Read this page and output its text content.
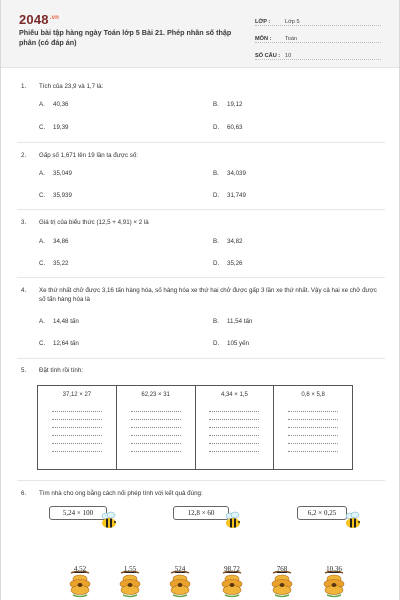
$2048^{.vn}$
Phiếu bài tập hàng ngày Toán lớp 5 Bài 21. Phép nhân số thập phân (có đáp án)
LỚP :	Lớp 5
MÔN :	Toán
SỐ CÂU : 10
1. Tích của 23,9 và 1,7 là:
A. 40,36	B. 19,12
C. 19,39	D. 60,63
2. Gấp số 1,671 lên 19 lần ta được số:
A. 35,049	B. 34,039
C. 35,939	D. 31,749
3. Giá trị của biểu thức (12,5 + 4,91) × 2 là
A. 34,86	B. 34,82
C. 35,22	D. 35,26
4. Xe thứ nhất chở được 3,16 tấn hàng hóa, số hàng hóa xe thứ hai chở được gấp 3 lần xe thứ nhất. Vậy cả hai xe chở được số tấn hàng hóa là
A. 14,48 tấn	B. 11,54 tấn
C. 12,64 tấn	D. 105 yến
5. Đặt tính rồi tính:
37,12 × 27	62,23 × 31	4,34 × 1,5	0,6 × 5,8
6. Tìm nhà cho ong bằng cách nối phép tính với kết quả đúng:
5,24 × 100	12,8 × 60	6,2 × 0,25
4,52	1,55	524	98,72	768	10,36
